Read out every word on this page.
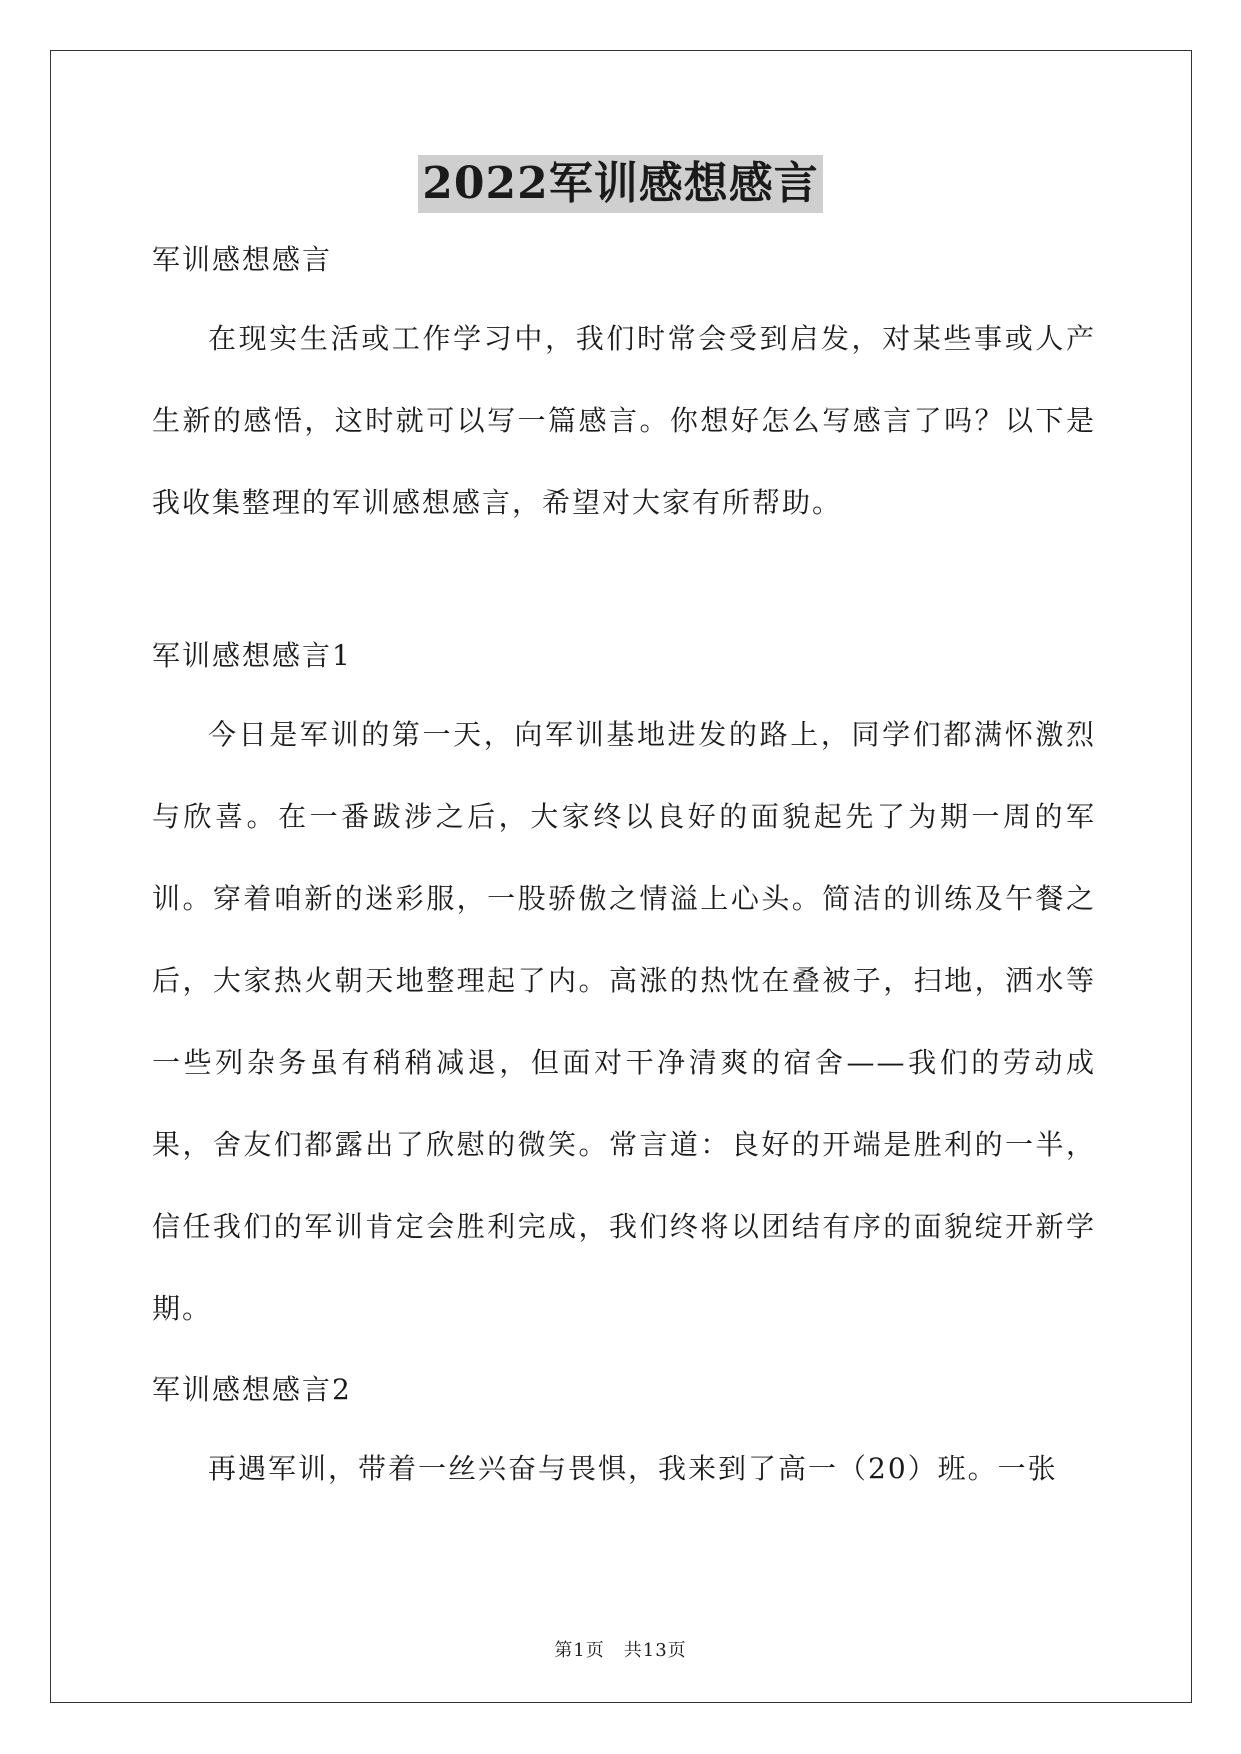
2022军训感想感言

军训感想感言

在现实生活或工作学习中，我们时常会受到启发，对某些事或人产生新的感悟，这时就可以写一篇感言。你想好怎么写感言了吗？以下是我收集整理的军训感想感言，希望对大家有所帮助。

军训感想感言1

今日是军训的第一天，向军训基地进发的路上，同学们都满怀激烈与欣喜。在一番跋涉之后，大家终以良好的面貌起先了为期一周的军训。穿着咱新的迷彩服，一股骄傲之情溢上心头。简洁的训练及午餐之后，大家热火朝天地整理起了内。高涨的热忱在叠被子，扫地，洒水等一些列杂务虽有稍稍减退，但面对干净清爽的宿舍——我们的劳动成果，舍友们都露出了欣慰的微笑。常言道：良好的开端是胜利的一半，信任我们的军训肯定会胜利完成，我们终将以团结有序的面貌绽开新学期。

军训感想感言2

再遇军训，带着一丝兴奋与畏惧，我来到了高一（20）班。一张

第1页　共13页
